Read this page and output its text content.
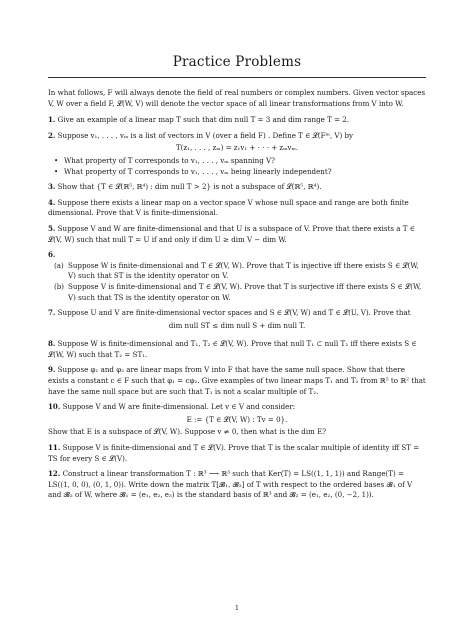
Practice Problems

In what follows, F will always denote the field of real numbers or complex numbers. Given vector spaces V, W over a field F, 𝓛(W, V) will denote the vector space of all linear transformations from V into W.

1. Give an example of a linear map T such that dim null T = 3 and dim range T = 2.

2. Suppose v₁, . . . , vₘ is a list of vectors in V (over a field F) . Define T ∈ 𝓛(Fᵐ, V) by

T(z₁, . . . , zₘ) = z₁v₁ + · · · + zₘvₘ.
• What property of T corresponds to v₁, . . . , vₘ spanning V?
• What property of T corresponds to v₁, . . . , vₘ being linearly independent?

3. Show that {T ∈ 𝓛(ℝ⁵, ℝ⁴) : dim null T > 2} is not a subspace of 𝓛(ℝ⁵, ℝ⁴).

4. Suppose there exists a linear map on a vector space V whose null space and range are both finite dimensional. Prove that V is finite-dimensional.

5. Suppose V and W are finite-dimensional and that U is a subspace of V. Prove that there exists a T ∈ 𝓛(V, W) such that null T = U if and only if dim U ≥ dim V − dim W.

6.

(a) Suppose W is finite-dimensional and T ∈ 𝓛(V, W). Prove that T is injective iff there exists S ∈ 𝓛(W, V) such that ST is the identity operator on V.
(b) Suppose V is finite-dimensional and T ∈ 𝓛(V, W). Prove that T is surjective iff there exists S ∈ 𝓛(W, V) such that TS is the identity operator on W.

7. Suppose U and V are finite-dimensional vector spaces and S ∈ 𝓛(V, W) and T ∈ 𝓛(U, V). Prove that

dim null ST ≤ dim null S + dim null T.

8. Suppose W is finite-dimensional and T₁, T₂ ∈ 𝓛(V, W). Prove that null T₁ ⊂ null T₂ iff there exists S ∈ 𝓛(W, W) such that T₂ = ST₁.

9. Suppose φ₁ and φ₂ are linear maps from V into F that have the same null space. Show that there exists a constant c ∈ F such that φ₁ = cφ₂. Give examples of two linear maps T₁ and T₂ from ℝ⁵ to ℝ² that have the same null space but are such that T₁ is not a scalar multiple of T₂.

10. Suppose V and W are finite-dimensional. Let v ∈ V and consider:

E := {T ∈ 𝓛(V, W) : Tv = 0}.

Show that E is a subspace of 𝓛(V, W). Suppose v ≠ 0, then what is the dim E?

11. Suppose V is finite-dimensional and T ∈ 𝓛(V). Prove that T is the scalar multiple of identity iff ST = TS for every S ∈ 𝓛(V).

12. Construct a linear transformation T : ℝ³ ⟶ ℝ³ such that Ker(T) = LS((1, 1, 1)) and Range(T) = LS((1, 0, 0), (0, 1, 0)). Write down the matrix T[𝓑₁, 𝓑₂] of T with respect to the ordered bases 𝓑₁ of V and 𝓑₂ of W, where 𝓑₁ = (e₁, e₂, e₃) is the standard basis of ℝ³ and 𝓑₂ = (e₁, e₂, (0, −2, 1)).

1
